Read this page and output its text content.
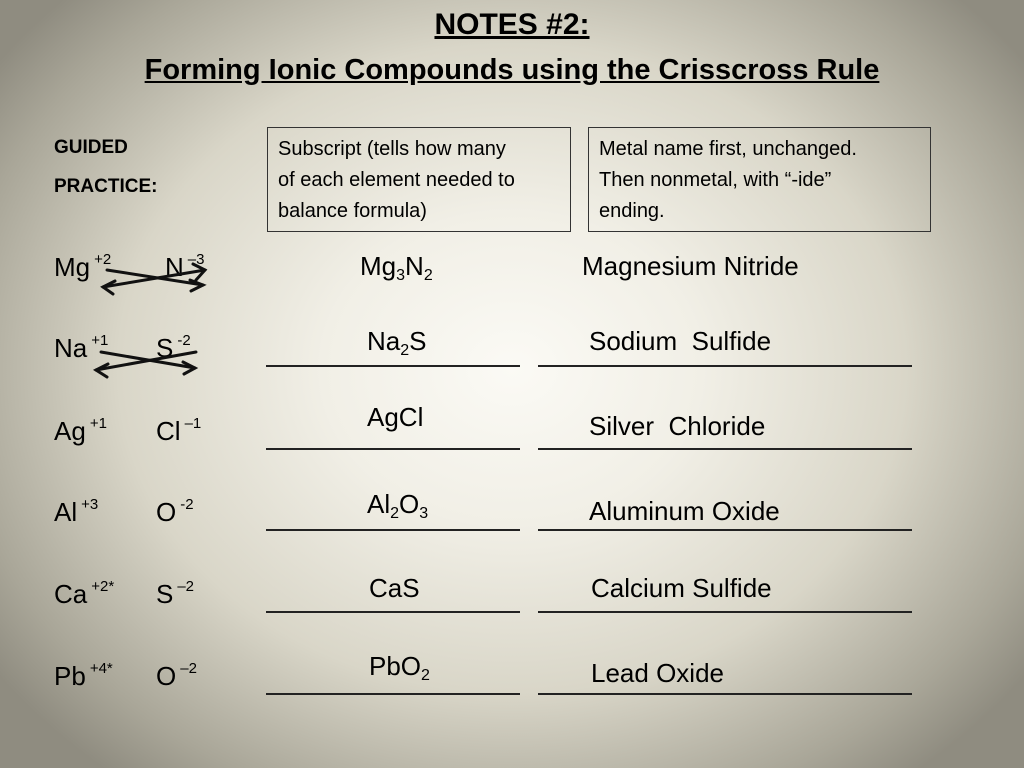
NOTES #2:
Forming Ionic Compounds using the Crisscross Rule
GUIDED
PRACTICE:
Subscript (tells how many
of each element needed to
balance formula)
Metal name first, unchanged.
Then nonmetal, with “-ide”
ending.
Mg $^{+2}$ N $^{-3}$	$Mg_3N_2$	Magnesium Nitride
Na $^{+1}$ S $^{-2}$	$Na_2S$	Sodium  Sulfide
Ag $^{+1}$ Cl $^{-1}$	AgCl	Silver  Chloride
Al $^{+3}$ O $^{-2}$	$Al_2O_3$	Aluminum Oxide
Ca $^{+2*}$ S $^{-2}$	CaS	Calcium Sulfide
Pb $^{+4*}$ O $^{-2}$	PbO$_2$	Lead Oxide
